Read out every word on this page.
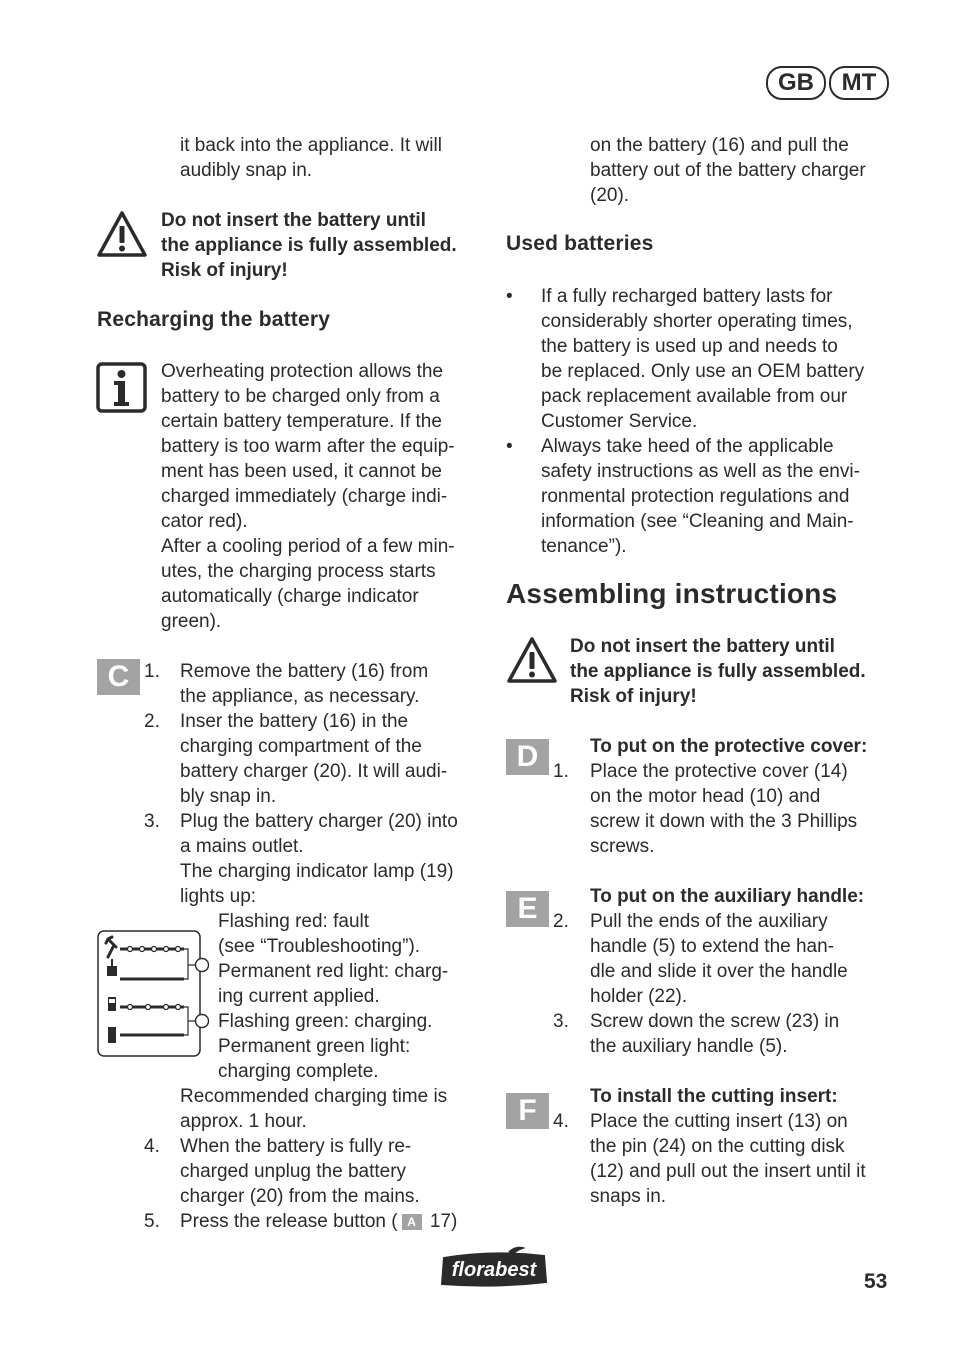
GB	MT
it back into the appliance. It will
audibly snap in.
Do not insert the battery until
the appliance is fully assembled.
Risk of injury!
Recharging the battery
Overheating protection allows the
battery to be charged only from a
certain battery temperature. If the
battery is too warm after the equip-
ment has been used, it cannot be
charged immediately (charge indi-
cator red).
After a cooling period of a few min-
utes, the charging process starts
automatically (charge indicator
green).
C 1.	Remove the battery (16) from
the appliance, as necessary.
2.	Inser the battery (16) in the
charging compartment of the
battery charger (20). It will audi-
bly snap in.
3.	Plug the battery charger (20) into
a mains outlet.
The charging indicator lamp (19)
lights up:
Flashing red: fault
(see “Troubleshooting”).
Permanent red light: charg-
ing current applied.
Flashing green: charging.
Permanent green light:
charging complete.
Recommended charging time is
approx. 1 hour.
4.	When the battery is fully re-
charged unplug the battery
charger (20) from the mains.
5.	Press the release button ( A 17)
on the battery (16) and pull the
battery out of the battery charger
(20).
Used batteries
• If a fully recharged battery lasts for
considerably shorter operating times,
the battery is used up and needs to
be replaced. Only use an OEM battery
pack replacement available from our
Customer Service.
• Always take heed of the applicable
safety instructions as well as the envi-
ronmental protection regulations and
information (see “Cleaning and Main-
tenance”).
Assembling instructions
Do not insert the battery until
the appliance is fully assembled.
Risk of injury!
D	To put on the protective cover:
1.	Place the protective cover (14)
on the motor head (10) and
screw it down with the 3 Phillips
screws.
E	To put on the auxiliary handle:
2.	Pull the ends of the auxiliary
handle (5) to extend the han-
dle and slide it over the handle
holder (22).
3.	Screw down the screw (23) in
the auxiliary handle (5).
F	To install the cutting insert:
4.	Place the cutting insert (13) on
the pin (24) on the cutting disk
(12) and pull out the insert until it
snaps in.
florabest	53
